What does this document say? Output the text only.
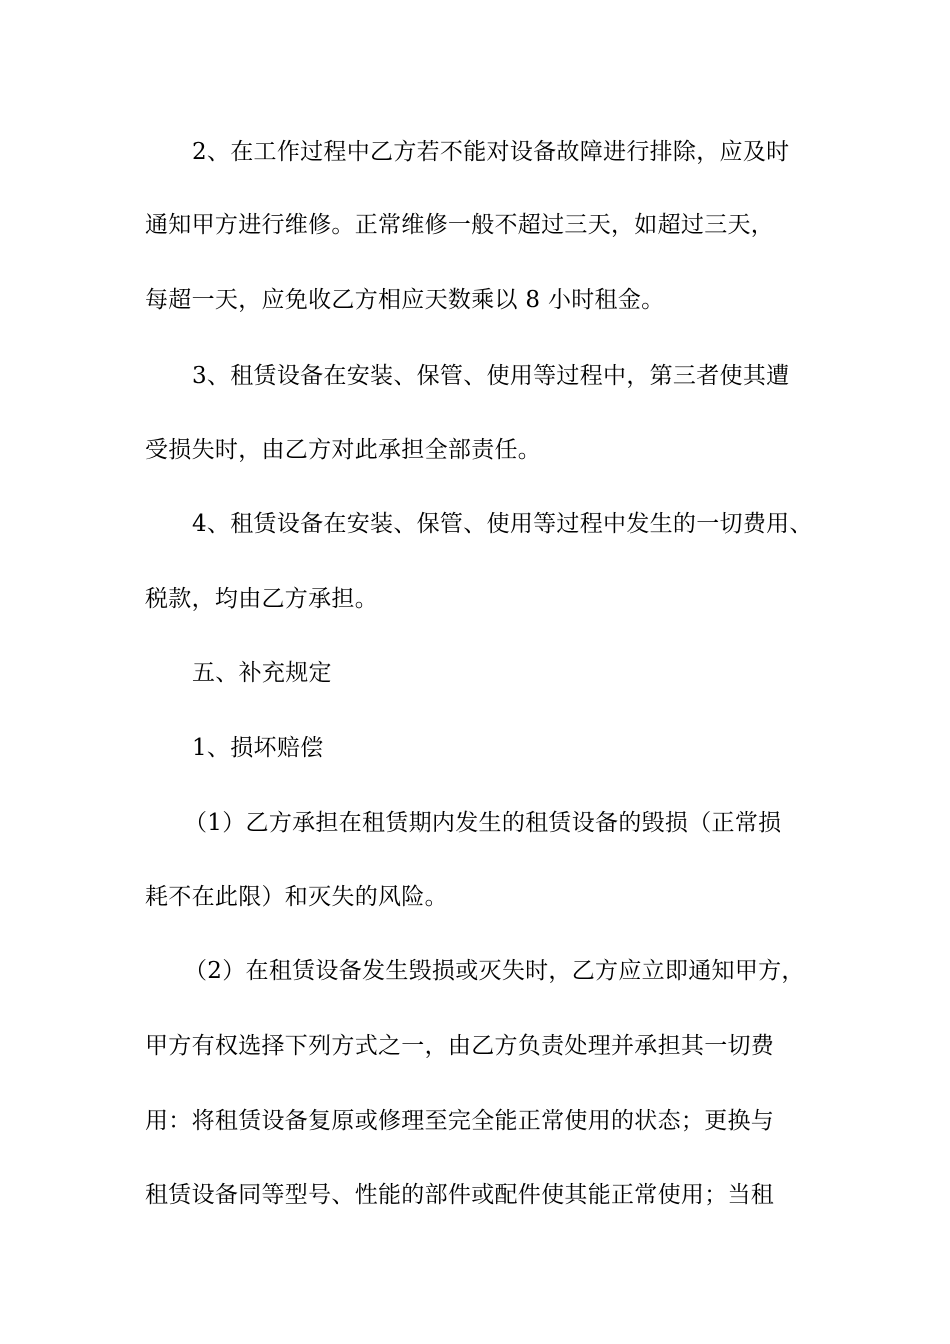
2、在工作过程中乙方若不能对设备故障进行排除，应及时
通知甲方进行维修。正常维修一般不超过三天，如超过三天，
每超一天，应免收乙方相应天数乘以 8 小时租金。
3、租赁设备在安装、保管、使用等过程中，第三者使其遭
受损失时，由乙方对此承担全部责任。
4、租赁设备在安装、保管、使用等过程中发生的一切费用、
税款，均由乙方承担。
五、补充规定
1、损坏赔偿
（1）乙方承担在租赁期内发生的租赁设备的毁损（正常损
耗不在此限）和灭失的风险。
（2）在租赁设备发生毁损或灭失时，乙方应立即通知甲方，
甲方有权选择下列方式之一，由乙方负责处理并承担其一切费
用：将租赁设备复原或修理至完全能正常使用的状态；更换与
租赁设备同等型号、性能的部件或配件使其能正常使用；当租
